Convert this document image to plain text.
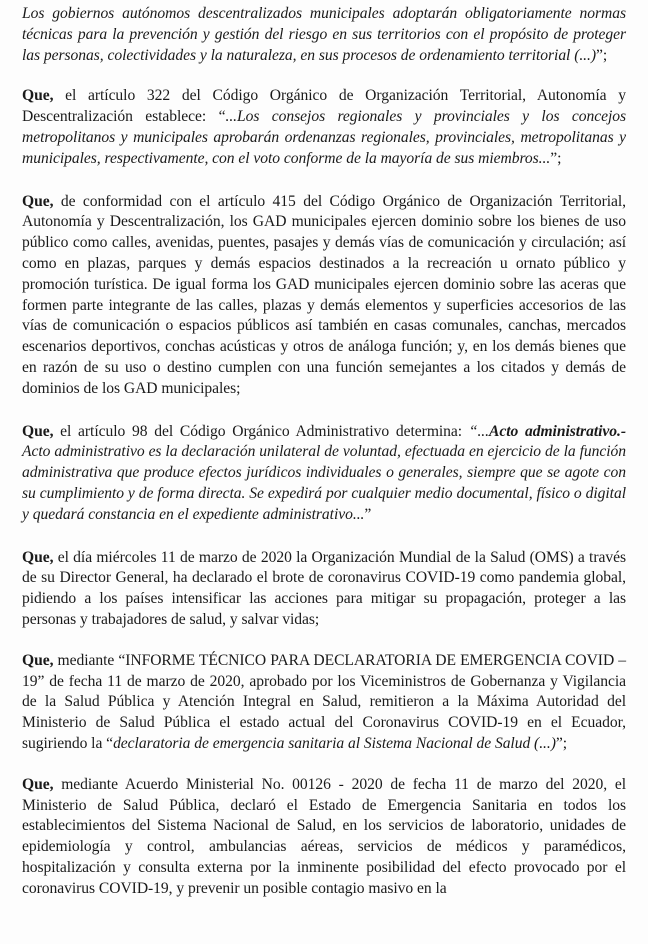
Los gobiernos autónomos descentralizados municipales adoptarán obligatoriamente normas técnicas para la prevención y gestión del riesgo en sus territorios con el propósito de proteger las personas, colectividades y la naturaleza, en sus procesos de ordenamiento territorial (...)”;

Que, el artículo 322 del Código Orgánico de Organización Territorial, Autonomía y Descentralización establece: “...Los consejos regionales y provinciales y los concejos metropolitanos y municipales aprobarán ordenanzas regionales, provinciales, metropolitanas y municipales, respectivamente, con el voto conforme de la mayoría de sus miembros...”;

Que, de conformidad con el artículo 415 del Código Orgánico de Organización Territorial, Autonomía y Descentralización, los GAD municipales ejercen dominio sobre los bienes de uso público como calles, avenidas, puentes, pasajes y demás vías de comunicación y circulación; así como en plazas, parques y demás espacios destinados a la recreación u ornato público y promoción turística. De igual forma los GAD municipales ejercen dominio sobre las aceras que formen parte integrante de las calles, plazas y demás elementos y superficies accesorios de las vías de comunicación o espacios públicos así también en casas comunales, canchas, mercados escenarios deportivos, conchas acústicas y otros de análoga función; y, en los demás bienes que en razón de su uso o destino cumplen con una función semejantes a los citados y demás de dominios de los GAD municipales;

Que, el artículo 98 del Código Orgánico Administrativo determina: “...Acto administrativo.- Acto administrativo es la declaración unilateral de voluntad, efectuada en ejercicio de la función administrativa que produce efectos jurídicos individuales o generales, siempre que se agote con su cumplimiento y de forma directa. Se expedirá por cualquier medio documental, físico o digital y quedará constancia en el expediente administrativo...”

Que, el día miércoles 11 de marzo de 2020 la Organización Mundial de la Salud (OMS) a través de su Director General, ha declarado el brote de coronavirus COVID-19 como pandemia global, pidiendo a los países intensificar las acciones para mitigar su propagación, proteger a las personas y trabajadores de salud, y salvar vidas;

Que, mediante “INFORME TÉCNICO PARA DECLARATORIA DE EMERGENCIA COVID –19” de fecha 11 de marzo de 2020, aprobado por los Viceministros de Gobernanza y Vigilancia de la Salud Pública y Atención Integral en Salud, remitieron a la Máxima Autoridad del Ministerio de Salud Pública el estado actual del Coronavirus COVID-19 en el Ecuador, sugiriendo la “declaratoria de emergencia sanitaria al Sistema Nacional de Salud (...)”;

Que, mediante Acuerdo Ministerial No. 00126 - 2020 de fecha 11 de marzo del 2020, el Ministerio de Salud Pública, declaró el Estado de Emergencia Sanitaria en todos los establecimientos del Sistema Nacional de Salud, en los servicios de laboratorio, unidades de epidemiología y control, ambulancias aéreas, servicios de médicos y paramédicos, hospitalización y consulta externa por la inminente posibilidad del efecto provocado por el coronavirus COVID-19, y prevenir un posible contagio masivo en la
